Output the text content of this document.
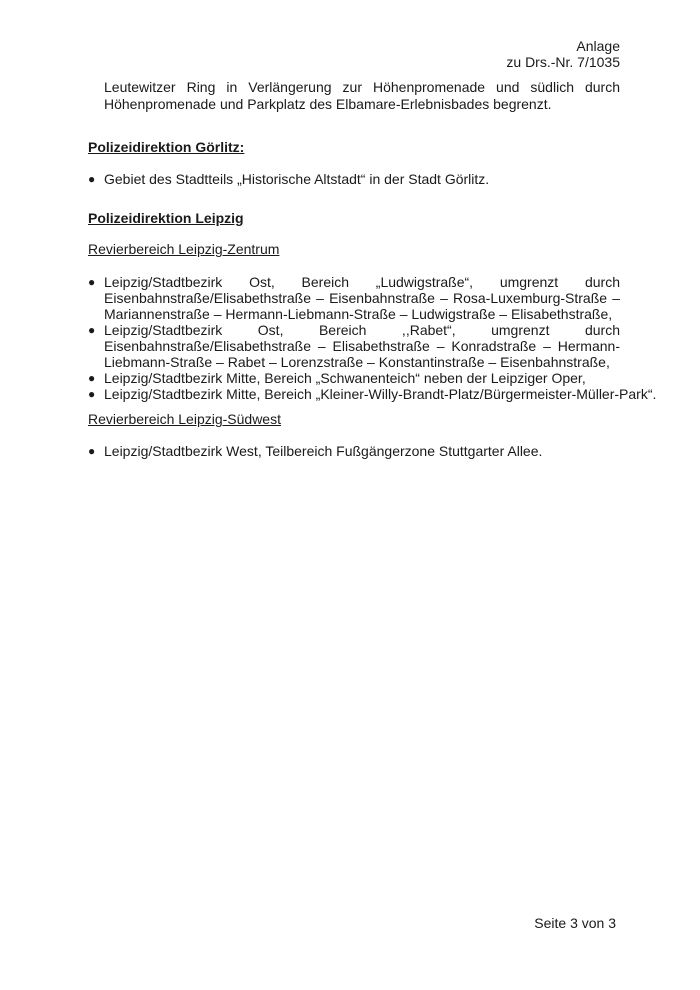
Anlage
zu Drs.-Nr. 7/1035
Leutewitzer Ring in Verlängerung zur Höhenpromenade und südlich durch
Höhenpromenade und Parkplatz des Elbamare-Erlebnisbades begrenzt.
Polizeidirektion Görlitz:
● Gebiet des Stadtteils „Historische Altstadt“ in der Stadt Görlitz.
Polizeidirektion Leipzig
Revierbereich Leipzig-Zentrum
● Leipzig/Stadtbezirk Ost, Bereich „Ludwigstraße“, umgrenzt durch
Eisenbahnstraße/Elisabethstraße – Eisenbahnstraße – Rosa-Luxemburg-Straße –
Mariannenstraße – Hermann-Liebmann-Straße – Ludwigstraße – Elisabethstraße,
● Leipzig/Stadtbezirk Ost, Bereich ,,Rabet“, umgrenzt durch
Eisenbahnstraße/Elisabethstraße – Elisabethstraße – Konradstraße – Hermann-
Liebmann-Straße – Rabet – Lorenzstraße – Konstantinstraße – Eisenbahnstraße,
● Leipzig/Stadtbezirk Mitte, Bereich „Schwanenteich“ neben der Leipziger Oper,
● Leipzig/Stadtbezirk Mitte, Bereich „Kleiner-Willy-Brandt-Platz/Bürgermeister-Müller-Park“.
Revierbereich Leipzig-Südwest
● Leipzig/Stadtbezirk West, Teilbereich Fußgängerzone Stuttgarter Allee.
Seite 3 von 3
